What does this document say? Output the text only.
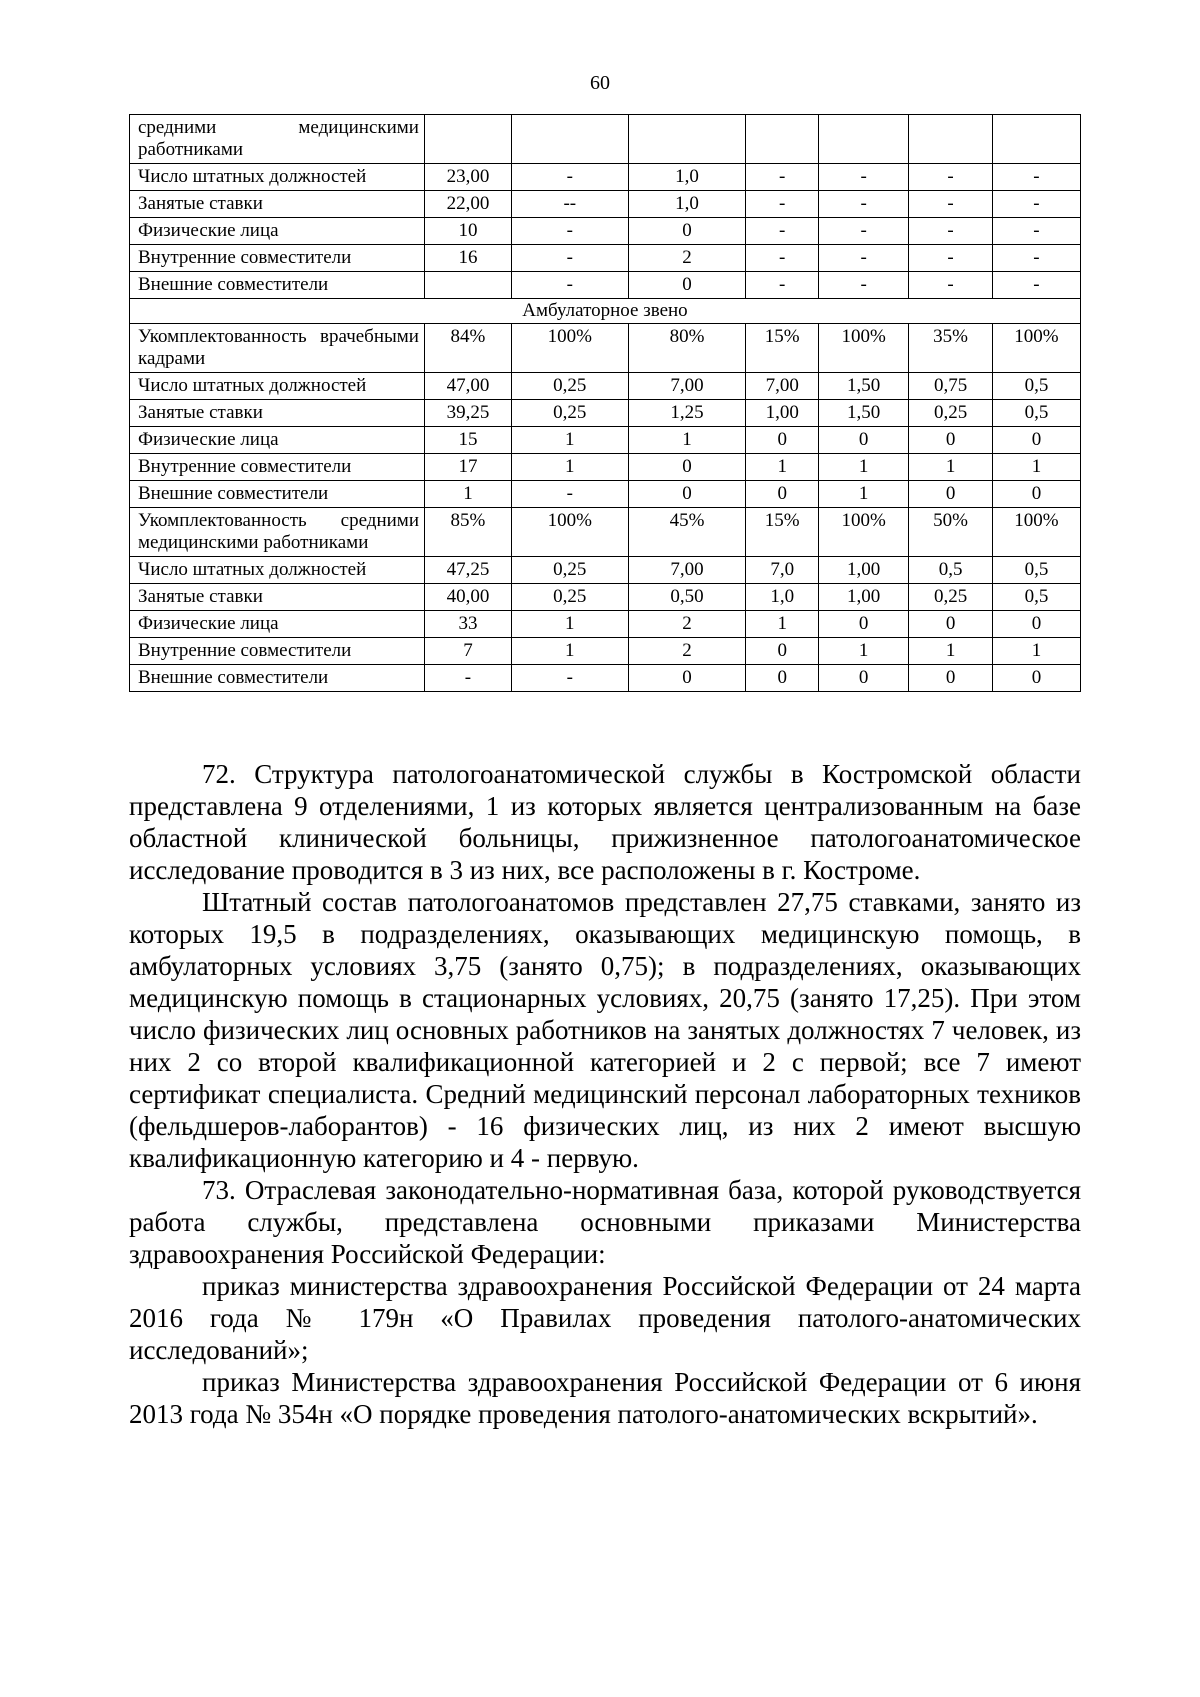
60
средними медицинскими работниками							
Число штатных должностей	23,00	-	1,0	-	-	-	-
Занятые ставки	22,00	--	1,0	-	-	-	-
Физические лица	10	-	0	-	-	-	-
Внутренние совместители	16	-	2	-	-	-	-
Внешние совместители		-	0	-	-	-	-
Амбулаторное звено							
Укомплектованность врачебными кадрами	84%	100%	80%	15%	100%	35%	100%
Число штатных должностей	47,00	0,25	7,00	7,00	1,50	0,75	0,5
Занятые ставки	39,25	0,25	1,25	1,00	1,50	0,25	0,5
Физические лица	15	1	1	0	0	0	0
Внутренние совместители	17	1	0	1	1	1	1
Внешние совместители	1	-	0	0	1	0	0
Укомплектованность средними медицинскими работниками	85%	100%	45%	15%	100%	50%	100%
Число штатных должностей	47,25	0,25	7,00	7,0	1,00	0,5	0,5
Занятые ставки	40,00	0,25	0,50	1,0	1,00	0,25	0,5
Физические лица	33	1	2	1	0	0	0
Внутренние совместители	7	1	2	0	1	1	1
Внешние совместители	-	-	0	0	0	0	0

72. Структура патологоанатомической службы в Костромской области представлена 9 отделениями, 1 из которых является централизованным на базе областной клинической больницы, прижизненное патологоанатомическое исследование проводится в 3 из них, все расположены в г. Костроме.

Штатный состав патологоанатомов представлен 27,75 ставками, занято из которых 19,5 в подразделениях, оказывающих медицинскую помощь, в амбулаторных условиях 3,75 (занято 0,75); в подразделениях, оказывающих медицинскую помощь в стационарных условиях, 20,75 (занято 17,25). При этом число физических лиц основных работников на занятых должностях 7 человек, из них 2 со второй квалификационной категорией и 2 с первой; все 7 имеют сертификат специалиста. Средний медицинский персонал лабораторных техников (фельдшеров-лаборантов) - 16 физических лиц, из них 2 имеют высшую квалификационную категорию и 4 - первую.

73. Отраслевая законодательно-нормативная база, которой руководствуется работа службы, представлена основными приказами Министерства здравоохранения Российской Федерации:

приказ министерства здравоохранения Российской Федерации от 24 марта 2016 года № 179н «О Правилах проведения патолого-анатомических исследований»;

приказ Министерства здравоохранения Российской Федерации от 6 июня 2013 года № 354н «О порядке проведения патолого-анатомических вскрытий».
